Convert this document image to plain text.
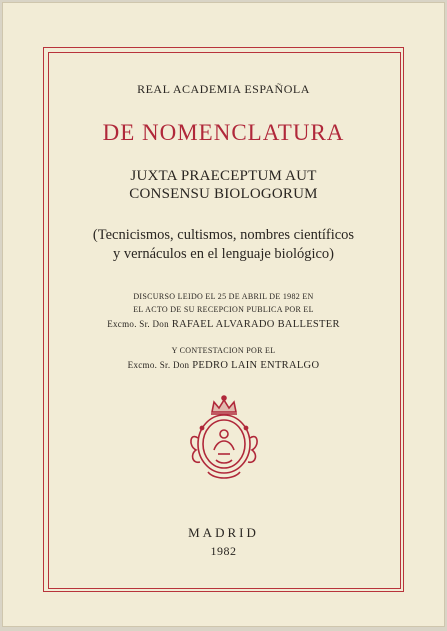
REAL ACADEMIA ESPAÑOLA

DE NOMENCLATURA

JUXTA PRAECEPTUM AUT

CONSENSU BIOLOGORUM

(Tecnicismos, cultismos, nombres científicos

y vernáculos en el lenguaje biológico)

DISCURSO LEIDO EL 25 DE ABRIL DE 1982 EN

EL ACTO DE SU RECEPCION PUBLICA POR EL

Excmo. Sr. Don RAFAEL ALVARADO BALLESTER

Y CONTESTACION POR EL

Excmo. Sr. Don PEDRO LAIN ENTRALGO

MADRID

1982
